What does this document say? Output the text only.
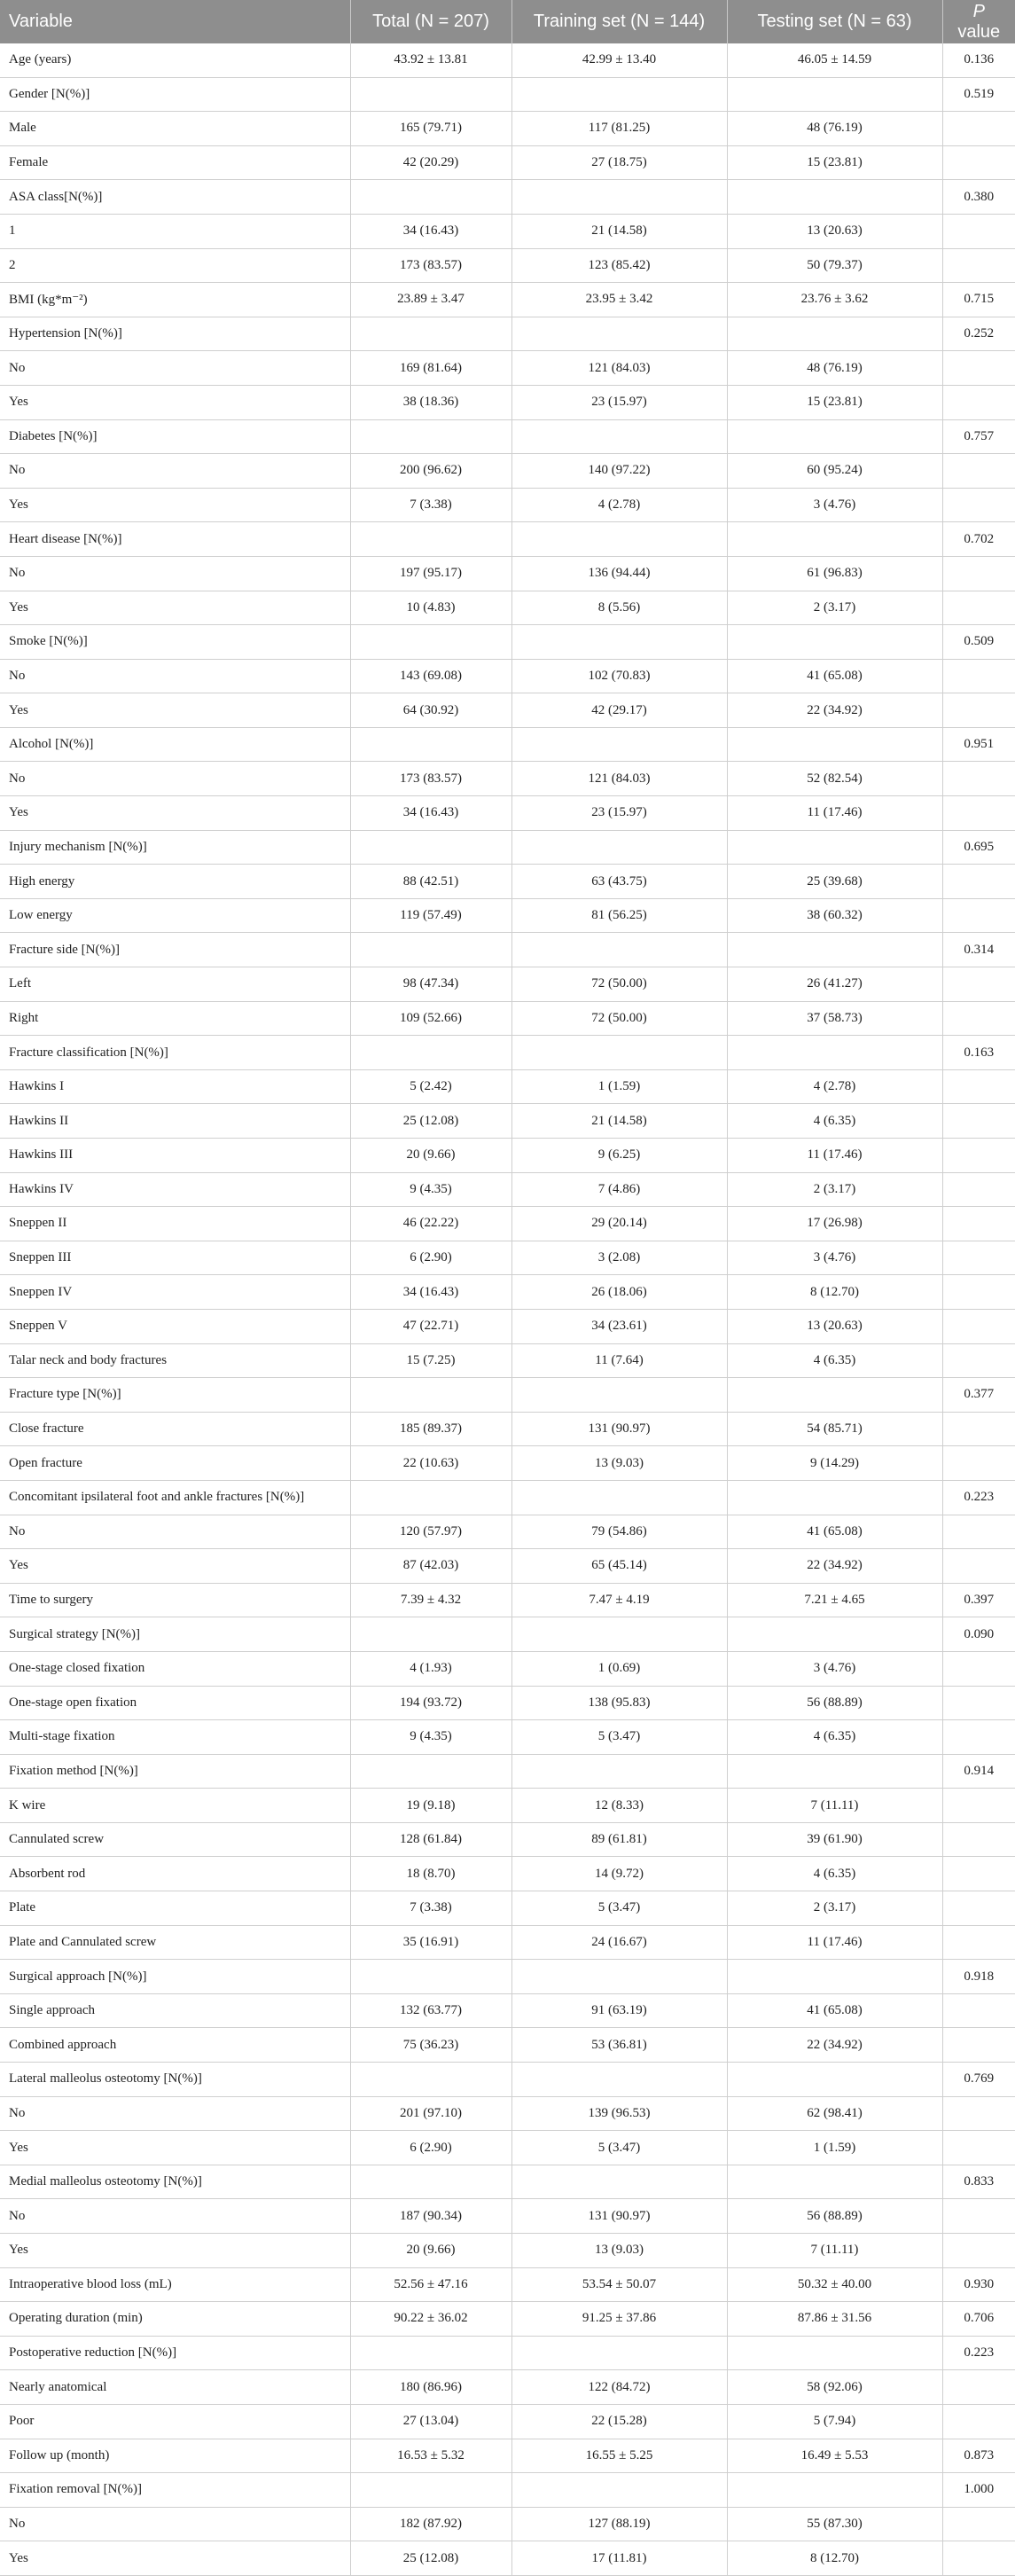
Variable	Total (N = 207)	Training set (N = 144)	Testing set (N = 63)	P value
Age (years)	43.92 ± 13.81	42.99 ± 13.40	46.05 ± 14.59	0.136
Gender [N(%)]				0.519
Male	165 (79.71)	117 (81.25)	48 (76.19)	
Female	42 (20.29)	27 (18.75)	15 (23.81)	
ASA class[N(%)]				0.380
1	34 (16.43)	21 (14.58)	13 (20.63)	
2	173 (83.57)	123 (85.42)	50 (79.37)	
BMI (kg*m⁻²)	23.89 ± 3.47	23.95 ± 3.42	23.76 ± 3.62	0.715
Hypertension [N(%)]				0.252
No	169 (81.64)	121 (84.03)	48 (76.19)	
Yes	38 (18.36)	23 (15.97)	15 (23.81)	
Diabetes [N(%)]				0.757
No	200 (96.62)	140 (97.22)	60 (95.24)	
Yes	7 (3.38)	4 (2.78)	3 (4.76)	
Heart disease [N(%)]				0.702
No	197 (95.17)	136 (94.44)	61 (96.83)	
Yes	10 (4.83)	8 (5.56)	2 (3.17)	
Smoke [N(%)]				0.509
No	143 (69.08)	102 (70.83)	41 (65.08)	
Yes	64 (30.92)	42 (29.17)	22 (34.92)	
Alcohol [N(%)]				0.951
No	173 (83.57)	121 (84.03)	52 (82.54)	
Yes	34 (16.43)	23 (15.97)	11 (17.46)	
Injury mechanism [N(%)]				0.695
High energy	88 (42.51)	63 (43.75)	25 (39.68)	
Low energy	119 (57.49)	81 (56.25)	38 (60.32)	
Fracture side [N(%)]				0.314
Left	98 (47.34)	72 (50.00)	26 (41.27)	
Right	109 (52.66)	72 (50.00)	37 (58.73)	
Fracture classification [N(%)]				0.163
Hawkins I	5 (2.42)	1 (1.59)	4 (2.78)	
Hawkins II	25 (12.08)	21 (14.58)	4 (6.35)	
Hawkins III	20 (9.66)	9 (6.25)	11 (17.46)	
Hawkins IV	9 (4.35)	7 (4.86)	2 (3.17)	
Sneppen II	46 (22.22)	29 (20.14)	17 (26.98)	
Sneppen III	6 (2.90)	3 (2.08)	3 (4.76)	
Sneppen IV	34 (16.43)	26 (18.06)	8 (12.70)	
Sneppen V	47 (22.71)	34 (23.61)	13 (20.63)	
Talar neck and body fractures	15 (7.25)	11 (7.64)	4 (6.35)	
Fracture type [N(%)]				0.377
Close fracture	185 (89.37)	131 (90.97)	54 (85.71)	
Open fracture	22 (10.63)	13 (9.03)	9 (14.29)	
Concomitant ipsilateral foot and ankle fractures [N(%)]				0.223
No	120 (57.97)	79 (54.86)	41 (65.08)	
Yes	87 (42.03)	65 (45.14)	22 (34.92)	
Time to surgery	7.39 ± 4.32	7.47 ± 4.19	7.21 ± 4.65	0.397
Surgical strategy [N(%)]				0.090
One-stage closed fixation	4 (1.93)	1 (0.69)	3 (4.76)	
One-stage open fixation	194 (93.72)	138 (95.83)	56 (88.89)	
Multi-stage fixation	9 (4.35)	5 (3.47)	4 (6.35)	
Fixation method [N(%)]				0.914
K wire	19 (9.18)	12 (8.33)	7 (11.11)	
Cannulated screw	128 (61.84)	89 (61.81)	39 (61.90)	
Absorbent rod	18 (8.70)	14 (9.72)	4 (6.35)	
Plate	7 (3.38)	5 (3.47)	2 (3.17)	
Plate and Cannulated screw	35 (16.91)	24 (16.67)	11 (17.46)	
Surgical approach [N(%)]				0.918
Single approach	132 (63.77)	91 (63.19)	41 (65.08)	
Combined approach	75 (36.23)	53 (36.81)	22 (34.92)	
Lateral malleolus osteotomy [N(%)]				0.769
No	201 (97.10)	139 (96.53)	62 (98.41)	
Yes	6 (2.90)	5 (3.47)	1 (1.59)	
Medial malleolus osteotomy [N(%)]				0.833
No	187 (90.34)	131 (90.97)	56 (88.89)	
Yes	20 (9.66)	13 (9.03)	7 (11.11)	
Intraoperative blood loss (mL)	52.56 ± 47.16	53.54 ± 50.07	50.32 ± 40.00	0.930
Operating duration (min)	90.22 ± 36.02	91.25 ± 37.86	87.86 ± 31.56	0.706
Postoperative reduction [N(%)]				0.223
Nearly anatomical	180 (86.96)	122 (84.72)	58 (92.06)	
Poor	27 (13.04)	22 (15.28)	5 (7.94)	
Follow up (month)	16.53 ± 5.32	16.55 ± 5.25	16.49 ± 5.53	0.873
Fixation removal [N(%)]				1.000
No	182 (87.92)	127 (88.19)	55 (87.30)	
Yes	25 (12.08)	17 (11.81)	8 (12.70)	
